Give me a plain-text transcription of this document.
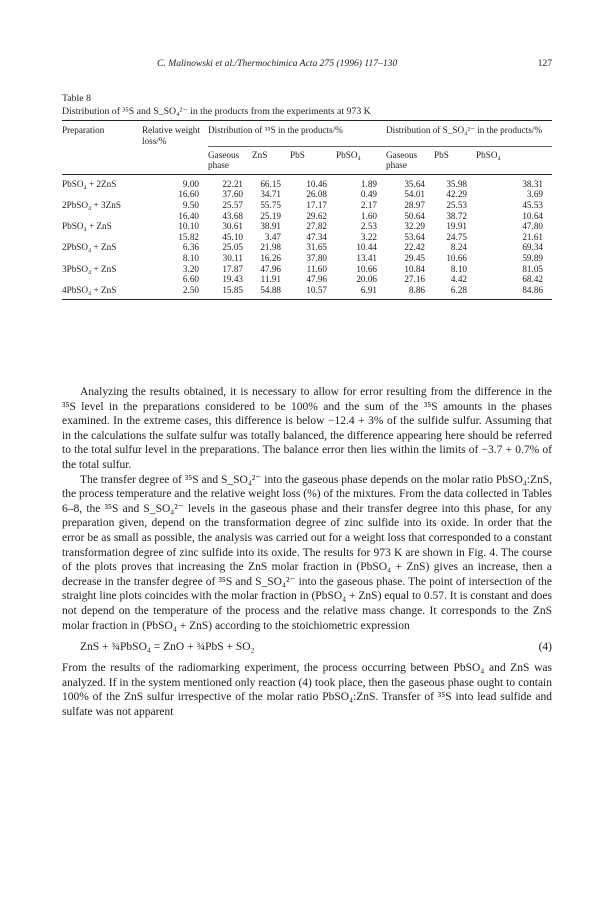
C. Malinowski et al./Thermochimica Acta 275 (1996) 117–130	127
Table 8
Distribution of ³⁵S and S_SO₄²⁻ in the products from the experiments at 973 K
Preparation	Relative weight loss/%	Distribution of ³⁵S in the products/%				Distribution of S_SO₄²⁻ in the products/%		
		Gaseous phase	ZnS	PbS	PbSO₄	Gaseous phase	PbS	PbSO₄
PbSO₄ + 2ZnS	9.00	22.21	66.15	10.46	1.89	35.64	35.98	38.31
	16.60	37.60	34.71	26.08	0.49	54.01	42.29	3.69
2PbSO₄ + 3ZnS	9.50	25.57	55.75	17.17	2.17	28.97	25.53	45.53
	16.40	43.68	25.19	29.62	1.60	50.64	38.72	10.64
PbSO₄ + ZnS	10.10	30.61	38.91	27.82	2.53	32.29	19.91	47.80
	15.82	45.10	3.47	47.34	3.22	53.64	24.75	21.61
2PbSO₄ + ZnS	6.36	25.05	21.98	31.65	10.44	22.42	8.24	69.34
	8.10	30.11	16.26	37.80	13.41	29.45	10.66	59.89
3PbSO₄ + ZnS	3.20	17.87	47.96	11.60	10.66	10.84	8.10	81.05
	6.60	19.43	11.91	47.96	20.06	27.16	4.42	68.42
4PbSO₄ + ZnS	2.50	15.85	54.88	10.57	6.91	8.86	6.28	84.86

Analyzing the results obtained, it is necessary to allow for error resulting from the difference in the ³⁵S level in the preparations considered to be 100% and the sum of the ³⁵S amounts in the phases examined. In the extreme cases, this difference is below −12.4 + 3% of the sulfide sulfur. Assuming that in the calculations the sulfate sulfur was totally balanced, the difference appearing here should be referred to the total sulfur level in the preparations. The balance error then lies within the limits of −3.7 + 0.7% of the total sulfur.

The transfer degree of ³⁵S and S_SO₄²⁻ into the gaseous phase depends on the molar ratio PbSO₄:ZnS, the process temperature and the relative weight loss (%) of the mixtures. From the data collected in Tables 6–8, the ³⁵S and S_SO₄²⁻ levels in the gaseous phase and their transfer degree into this phase, for any preparation given, depend on the transformation degree of zinc sulfide into its oxide. In order that the error be as small as possible, the analysis was carried out for a weight loss that corresponded to a constant transformation degree of zinc sulfide into its oxide. The results for 973 K are shown in Fig. 4. The course of the plots proves that increasing the ZnS molar fraction in (PbSO₄ + ZnS) gives an increase, then a decrease in the transfer degree of ³⁵S and S_SO₄²⁻ into the gaseous phase. The point of intersection of the straight line plots coincides with the molar fraction in (PbSO₄ + ZnS) equal to 0.57. It is constant and does not depend on the temperature of the process and the relative mass change. It corresponds to the ZnS molar fraction in (PbSO₄ + ZnS) according to the stoichiometric expression

ZnS + ¾PbSO₄ = ZnO + ¾PbS + SO₂	(4)

From the results of the radiomarking experiment, the process occurring between PbSO₄ and ZnS was analyzed. If in the system mentioned only reaction (4) took place, then the gaseous phase ought to contain 100% of the ZnS sulfur irrespective of the molar ratio PbSO₄:ZnS. Transfer of ³⁵S into lead sulfide and sulfate was not apparent
